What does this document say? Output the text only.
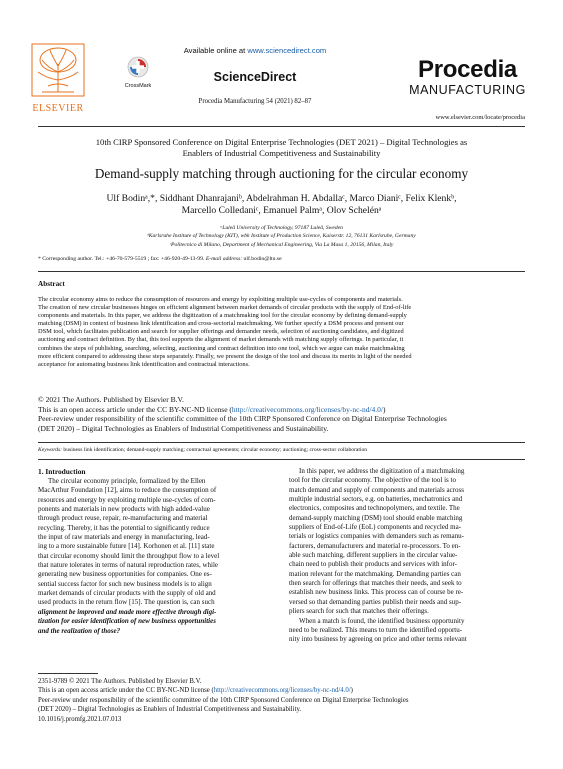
ELSEVIER
CrossMark
Available online at www.sciencedirect.com
ScienceDirect
Procedia Manufacturing 54 (2021) 82–87
Procedia
MANUFACTURING
www.elsevier.com/locate/procedia
10th CIRP Sponsored Conference on Digital Enterprise Technologies (DET 2021) – Digital Technologies as
Enablers of Industrial Competitiveness and Sustainability
Demand-supply matching through auctioning for the circular economy
Ulf Bodinᵃ,*, Siddhant Dhanrajaniᵇ, Abdelrahman H. Abdallaᶜ, Marco Dianiᶜ, Felix Klenkᵇ,
Marcello Colledaniᶜ, Emanuel Palmᵃ, Olov Schelénᵃ
ᵃLuleå University of Technology, 97187 Luleå, Sweden
ᵇKarlsruhe Institute of Technology (KIT), wbk Institute of Production Science, Kaiserstr. 12, 76131 Karlsruhe, Germany
ᶜPolitecnico di Milano, Department of Mechanical Engineering, Via La Masa 1, 20156, Milan, Italy
* Corresponding author. Tel.: +46-70-579-5519 ; fax: +46-920-49-13-99. E-mail address: ulf.bodin@ltu.se
Abstract
The circular economy aims to reduce the consumption of resources and energy by exploiting multiple use-cycles of components and materials.
The creation of new circular businesses hinges on efficient alignment between market demands of circular products with the supply of End-of-life
components and materials. In this paper, we address the digitization of a matchmaking tool for the circular economy by defining demand-supply
matching (DSM) in context of business link identification and cross-sectorial matchmaking. We further specify a DSM process and present our
DSM tool, which facilitates publication and search for supplier offerings and demander needs, selection of auctioning candidates, and digitized
auctioning and contract definition. By that, this tool supports the alignment of market demands with matching supply offerings. In particular, it
combines the steps of publishing, searching, selecting, auctioning and contract definition into one tool, which we argue can make matchmaking
more efficient compared to addressing these steps separately. Finally, we present the design of the tool and discuss its merits in light of the needed
acceptance for automating business link identification and contractual interactions.
© 2021 The Authors. Published by Elsevier B.V.
This is an open access article under the CC BY-NC-ND license (http://creativecommons.org/licenses/by-nc-nd/4.0/)
Peer-review under responsibility of the scientific committee of the 10th CIRP Sponsored Conference on Digital Enterprise Technologies
(DET 2020) – Digital Technologies as Enablers of Industrial Competitiveness and Sustainability.
Keywords: business link identification; demand-supply matching; contractual agreements; circular economy; auctioning; cross-sector collaboration
1. Introduction

The circular economy principle, formalized by the Ellen

MacArthur Foundation [12], aims to reduce the consumption of

resources and energy by exploiting multiple use-cycles of com-

ponents and materials in new products with high added-value

through product reuse, repair, re-manufacturing and material

recycling. Thereby, it has the potential to significantly reduce

the input of raw materials and energy in manufacturing, lead-

ing to a more sustainable future [14]. Korhonen et al. [11] state

that circular economy should limit the throughput flow to a level

that nature tolerates in terms of natural reproduction rates, while

generating new business opportunities for companies. One es-

sential success factor for such new business models is to align

market demands of circular products with the supply of old and

used products in the return flow [15]. The question is, can such

alignment be improved and made more effective through digi-

tization for easier identification of new business opportunities

and the realization of those?

In this paper, we address the digitization of a matchmaking

tool for the circular economy. The objective of the tool is to

match demand and supply of components and materials across

multiple industrial sectors, e.g. on batteries, mechatronics and

electronics, composites and technopolymers, and textile. The

demand-supply matching (DSM) tool should enable matching

suppliers of End-of-Life (EoL) components and recycled ma-

terials or logistics companies with demanders such as remanu-

facturers, demanufacturers and material re-processors. To en-

able such matching, different suppliers in the circular value-

chain need to publish their products and services with infor-

mation relevant for the matchmaking. Demanding parties can

then search for offerings that matches their needs, and seek to

establish new business links. This process can of course be re-

versed so that demanding parties publish their needs and sup-

pliers search for such that matches their offerings.

When a match is found, the identified business opportunity

need to be realized. This means to turn the identified opportu-

nity into business by agreeing on price and other terms relevant

2351-9789 © 2021 The Authors. Published by Elsevier B.V.
This is an open access article under the CC BY-NC-ND license (http://creativecommons.org/licenses/by-nc-nd/4.0/)
Peer-review under responsibility of the scientific committee of the 10th CIRP Sponsored Conference on Digital Enterprise Technologies
(DET 2020) – Digital Technologies as Enablers of Industrial Competitiveness and Sustainability.
10.1016/j.promfg.2021.07.013
